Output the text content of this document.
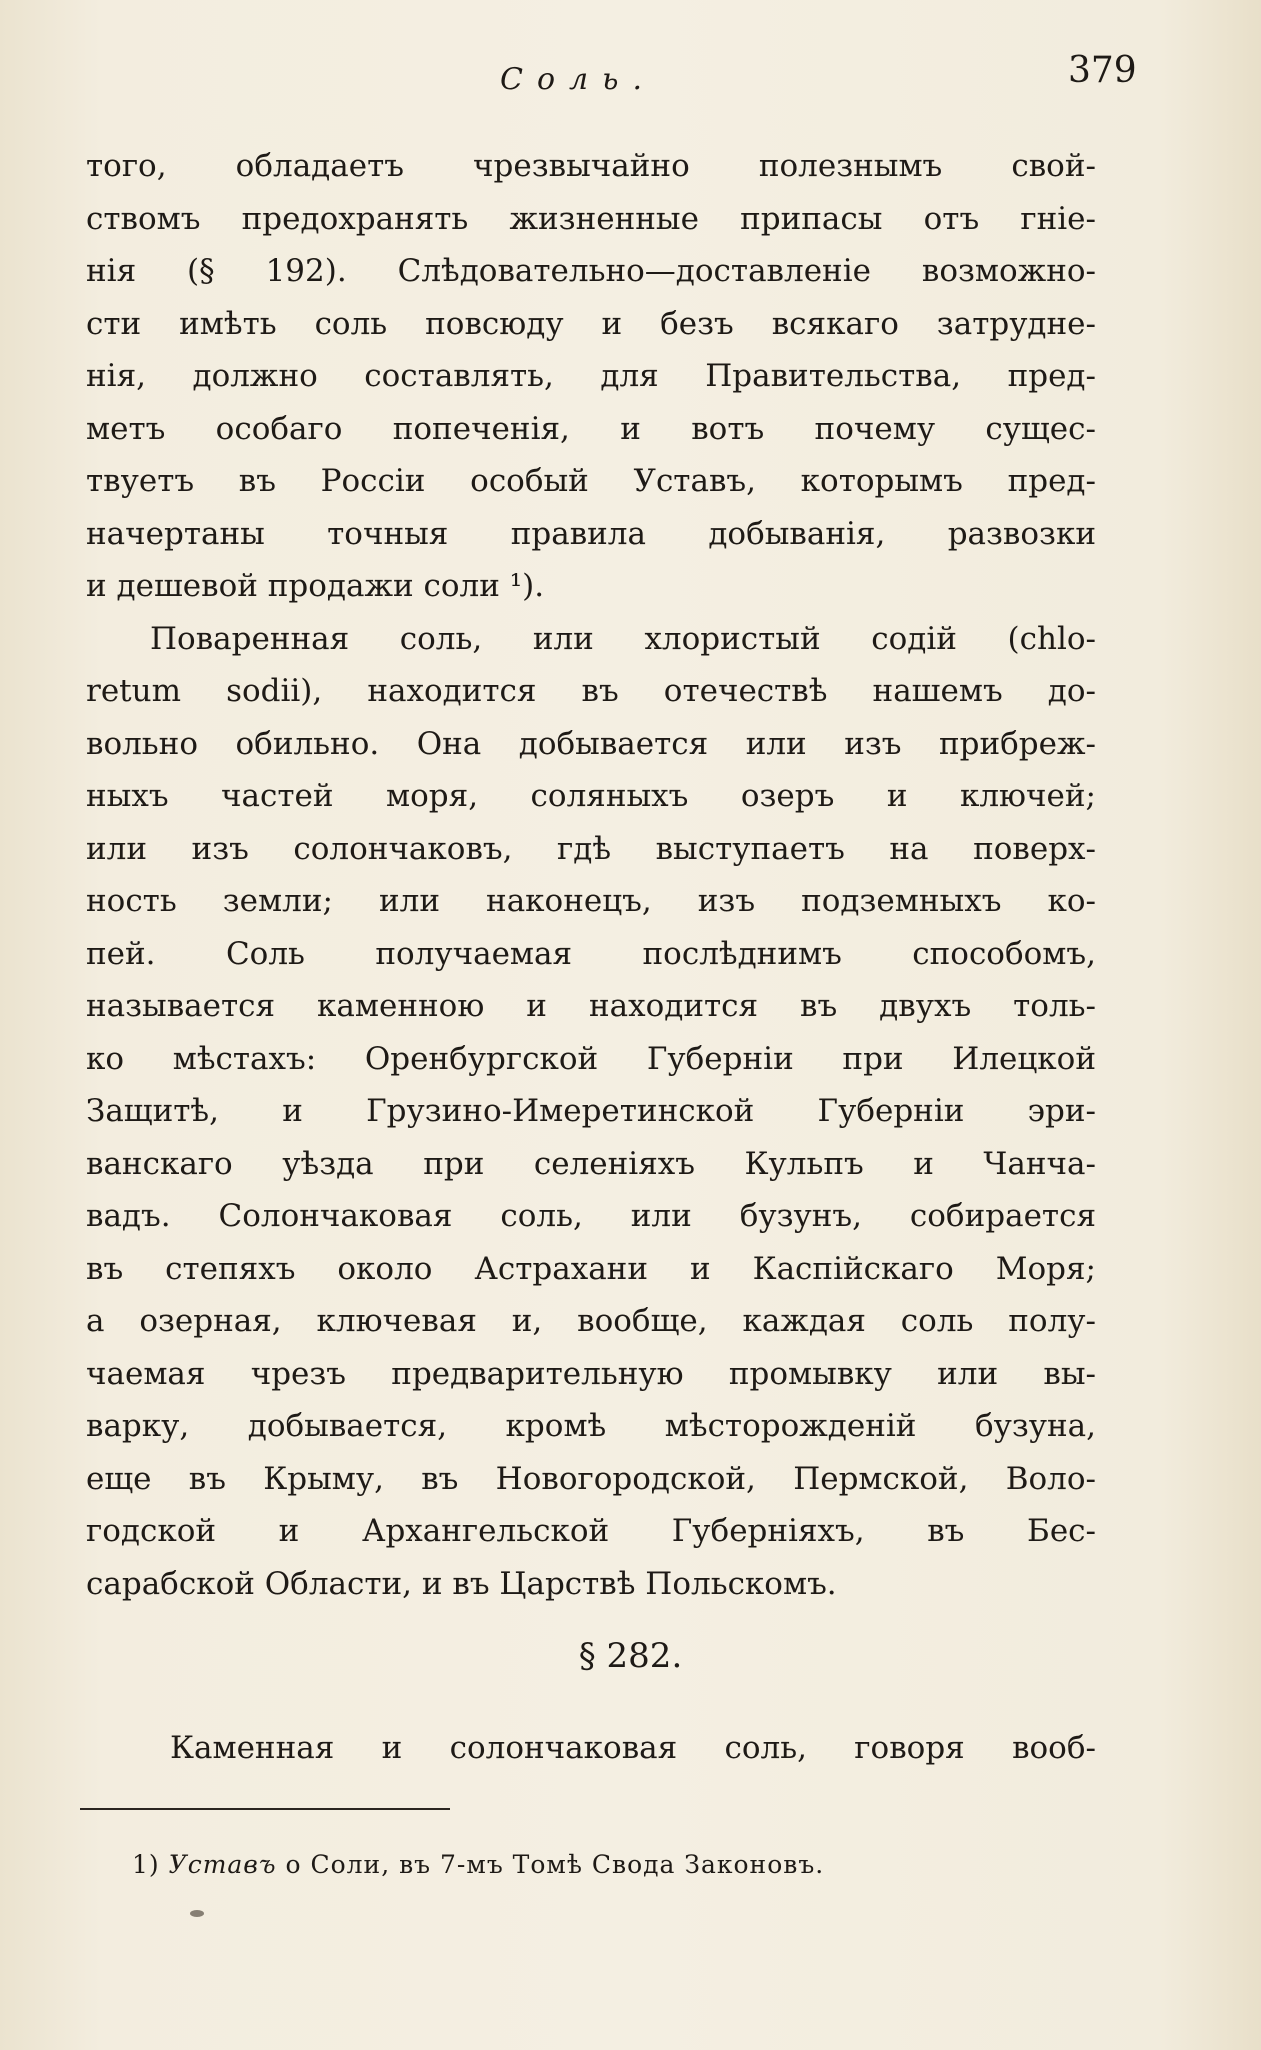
Соль.	379
того, обладаетъ чрезвычайно полезнымъ свой-
ствомъ предохранять жизненные припасы отъ гніе-
нія (§ 192). Слѣдовательно—доставленіе возможно-
сти имѣть соль повсюду и безъ всякаго затрудне-
нія, должно составлять, для Правительства, пред-
метъ особаго попеченія, и вотъ почему сущес-
твуетъ въ Россіи особый Уставъ, которымъ пред-
начертаны точныя правила добыванія, развозки
и дешевой продажи соли ¹).
Поваренная соль, или хлористый содій (chlo-
retum sodii), находится въ отечествѣ нашемъ до-
вольно обильно. Она добывается или изъ прибреж-
ныхъ частей моря, соляныхъ озеръ и ключей;
или изъ солончаковъ, гдѣ выступаетъ на поверх-
ность земли; или наконецъ, изъ подземныхъ ко-
пей. Соль получаемая послѣднимъ способомъ,
называется каменною и находится въ двухъ толь-
ко мѣстахъ: Оренбургской Губерніи при Илецкой
Защитѣ, и Грузино-Имеретинской Губерніи эри-
ванскаго уѣзда при селеніяхъ Кульпъ и Чанча-
вадъ. Солончаковая соль, или бузунъ, собирается
въ степяхъ около Астрахани и Каспійскаго Моря;
а озерная, ключевая и, вообще, каждая соль полу-
чаемая чрезъ предварительную промывку или вы-
варку, добывается, кромѣ мѣсторожденій бузуна,
еще въ Крыму, въ Новогородской, Пермской, Воло-
годской и Архангельской Губерніяхъ, въ Бес-
сарабской Области, и въ Царствѣ Польскомъ.
§ 282.
Каменная и солончаковая соль, говоря вооб-
1) Уставъ о Соли, въ 7-мъ Томѣ Свода Законовъ.
